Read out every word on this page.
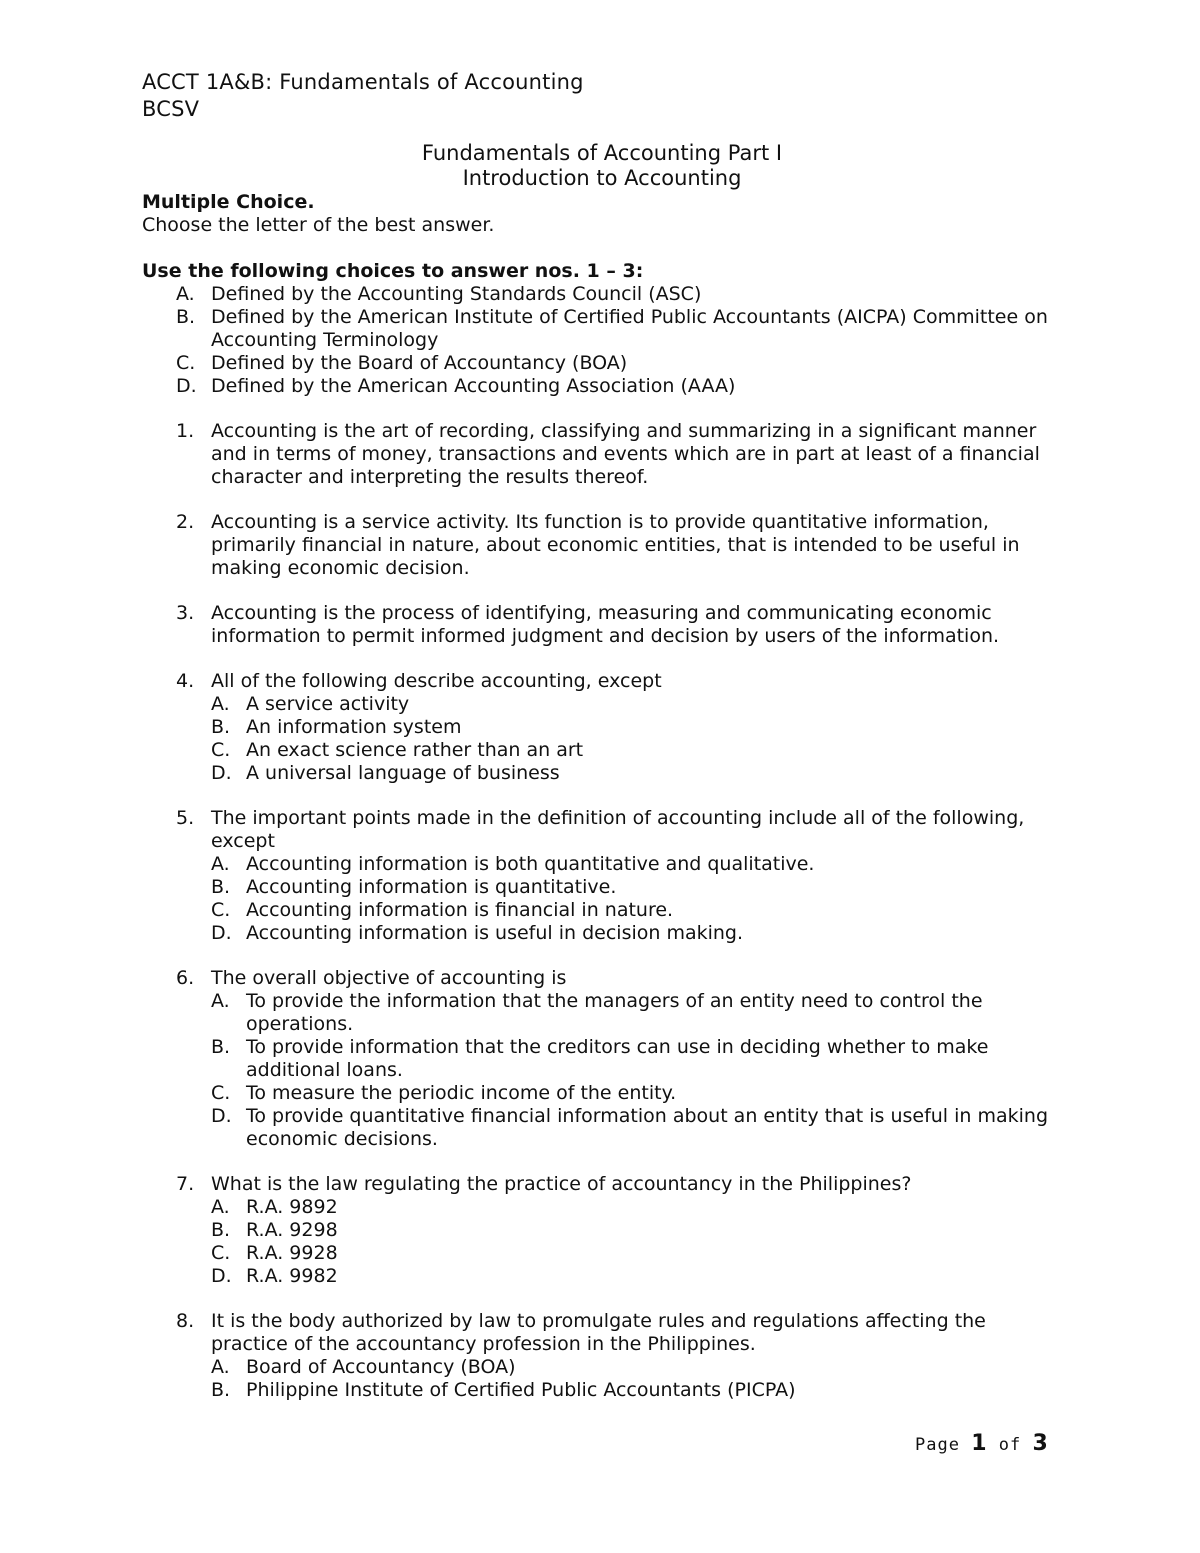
ACCT 1A&B: Fundamentals of Accounting
BCSV
Fundamentals of Accounting Part I
Introduction to Accounting
Multiple Choice.
Choose the letter of the best answer.
Use the following choices to answer nos. 1 – 3:
A. Defined by the Accounting Standards Council (ASC)
B. Defined by the American Institute of Certified Public Accountants (AICPA) Committee on Accounting Terminology
C. Defined by the Board of Accountancy (BOA)
D. Defined by the American Accounting Association (AAA)
1. Accounting is the art of recording, classifying and summarizing in a significant manner and in terms of money, transactions and events which are in part at least of a financial character and interpreting the results thereof.
2. Accounting is a service activity. Its function is to provide quantitative information, primarily financial in nature, about economic entities, that is intended to be useful in making economic decision.
3. Accounting is the process of identifying, measuring and communicating economic information to permit informed judgment and decision by users of the information.
4. All of the following describe accounting, except
A. A service activity
B. An information system
C. An exact science rather than an art
D. A universal language of business
5. The important points made in the definition of accounting include all of the following, except
A. Accounting information is both quantitative and qualitative.
B. Accounting information is quantitative.
C. Accounting information is financial in nature.
D. Accounting information is useful in decision making.
6. The overall objective of accounting is
A. To provide the information that the managers of an entity need to control the operations.
B. To provide information that the creditors can use in deciding whether to make additional loans.
C. To measure the periodic income of the entity.
D. To provide quantitative financial information about an entity that is useful in making economic decisions.
7. What is the law regulating the practice of accountancy in the Philippines?
A. R.A. 9892
B. R.A. 9298
C. R.A. 9928
D. R.A. 9982
8. It is the body authorized by law to promulgate rules and regulations affecting the practice of the accountancy profession in the Philippines.
A. Board of Accountancy (BOA)
B. Philippine Institute of Certified Public Accountants (PICPA)
Page 1 of 3
